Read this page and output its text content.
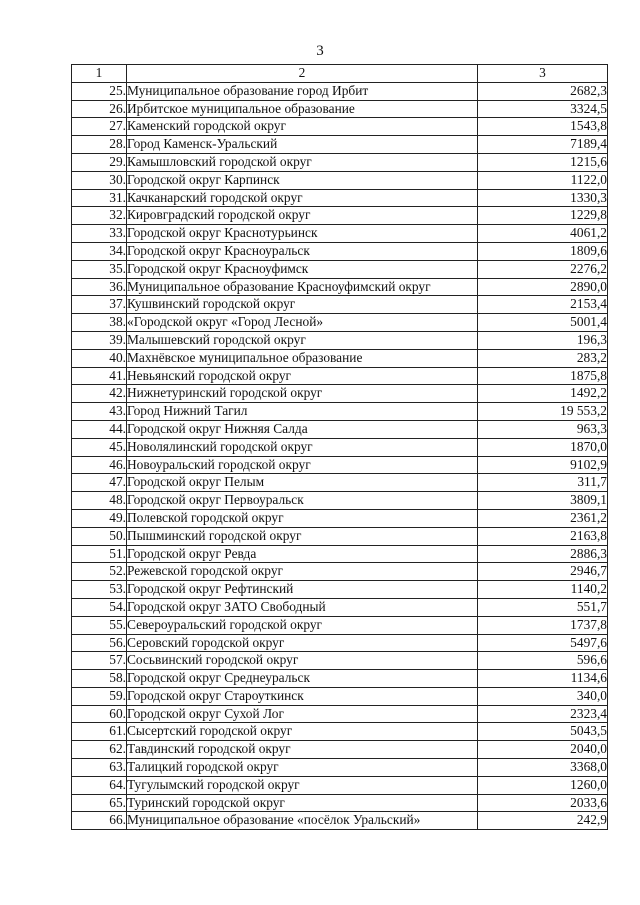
3
1	2	3
25.	Муниципальное образование город Ирбит	2682,3
26.	Ирбитское муниципальное образование	3324,5
27.	Каменский городской округ	1543,8
28.	Город Каменск-Уральский	7189,4
29.	Камышловский городской округ	1215,6
30.	Городской округ Карпинск	1122,0
31.	Качканарский городской округ	1330,3
32.	Кировградский городской округ	1229,8
33.	Городской округ Краснотурьинск	4061,2
34.	Городской округ Красноуральск	1809,6
35.	Городской округ Красноуфимск	2276,2
36.	Муниципальное образование Красноуфимский округ	2890,0
37.	Кушвинский городской округ	2153,4
38.	«Городской округ «Город Лесной»	5001,4
39.	Малышевский городской округ	196,3
40.	Махнёвское муниципальное образование	283,2
41.	Невьянский городской округ	1875,8
42.	Нижнетуринский городской округ	1492,2
43.	Город Нижний Тагил	19 553,2
44.	Городской округ Нижняя Салда	963,3
45.	Новолялинский городской округ	1870,0
46.	Новоуральский городской округ	9102,9
47.	Городской округ Пелым	311,7
48.	Городской округ Первоуральск	3809,1
49.	Полевской городской округ	2361,2
50.	Пышминский городской округ	2163,8
51.	Городской округ Ревда	2886,3
52.	Режевской городской округ	2946,7
53.	Городской округ Рефтинский	1140,2
54.	Городской округ ЗАТО Свободный	551,7
55.	Североуральский городской округ	1737,8
56.	Серовский городской округ	5497,6
57.	Сосьвинский городской округ	596,6
58.	Городской округ Среднеуральск	1134,6
59.	Городской округ Староуткинск	340,0
60.	Городской округ Сухой Лог	2323,4
61.	Сысертский городской округ	5043,5
62.	Тавдинский городской округ	2040,0
63.	Талицкий городской округ	3368,0
64.	Тугулымский городской округ	1260,0
65.	Туринский городской округ	2033,6
66.	Муниципальное образование «посёлок Уральский»	242,9
